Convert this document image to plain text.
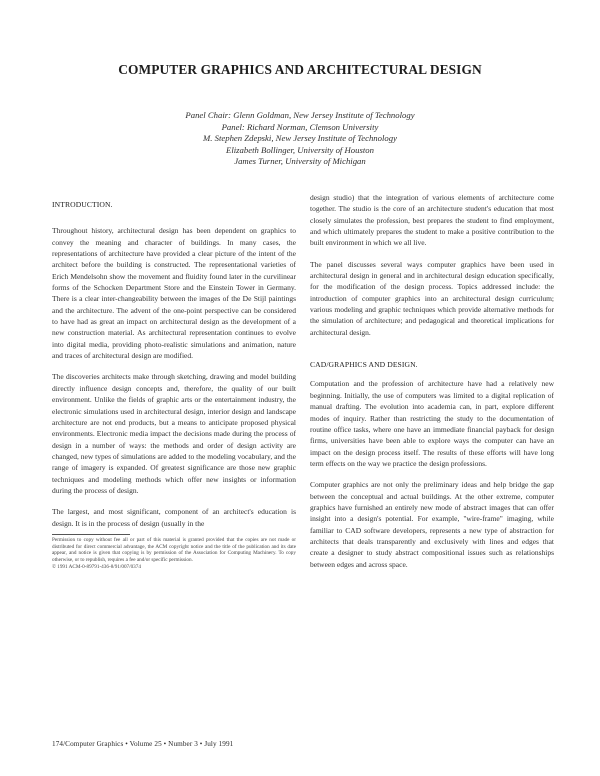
COMPUTER GRAPHICS AND ARCHITECTURAL DESIGN
Panel Chair: Glenn Goldman, New Jersey Institute of Technology
Panel: Richard Norman, Clemson University
M. Stephen Zdepski, New Jersey Institute of Technology
Elizabeth Bollinger, University of Houston
James Turner, University of Michigan
INTRODUCTION.

Throughout history, architectural design has been dependent on graphics to convey the meaning and character of buildings. In many cases, the representations of architecture have provided a clear picture of the intent of the architect before the building is constructed. The representational varieties of Erich Mendelsohn show the movement and fluidity found later in the curvilinear forms of the Schocken Department Store and the Einstein Tower in Germany. There is a clear inter-changeability between the images of the De Stijl paintings and the architecture. The advent of the one-point perspective can be considered to have had as great an impact on architectural design as the development of a new construction material. As architectural representation continues to evolve into digital media, providing photo-realistic simulations and animation, nature and traces of architectural design are modified.

The discoveries architects make through sketching, drawing and model building directly influence design concepts and, therefore, the quality of our built environment. Unlike the fields of graphic arts or the entertainment industry, the electronic simulations used in architectural design, interior design and landscape architecture are not end products, but a means to anticipate proposed physical environments. Electronic media impact the decisions made during the process of design in a number of ways: the methods and order of design activity are changed, new types of simulations are added to the modeling vocabulary, and the range of imagery is expanded. Of greatest significance are those new graphic techniques and modeling methods which offer new insights or information during the process of design.

The largest, and most significant, component of an architect's education is design. It is in the process of design (usually in the

Permission to copy without fee all or part of this material is granted provided that the copies are not made or distributed for direct commercial advantage, the ACM copyright notice and the title of the publication and its date appear, and notice is given that copying is by permission of the Association for Computing Machinery. To copy otherwise, or to republish, requires a fee and/or specific permission.
© 1991 ACM-0-89791-436-8/91/007/0374

design studio) that the integration of various elements of architecture come together. The studio is the core of an architecture student's education that most closely simulates the profession, best prepares the student to find employment, and which ultimately prepares the student to make a positive contribution to the built environment in which we all live.

The panel discusses several ways computer graphics have been used in architectural design in general and in architectural design education specifically, for the modification of the design process. Topics addressed include: the introduction of computer graphics into an architectural design curriculum; various modeling and graphic techniques which provide alternative methods for the simulation of architecture; and pedagogical and theoretical implications for architectural design.

CAD/GRAPHICS AND DESIGN.

Computation and the profession of architecture have had a relatively new beginning. Initially, the use of computers was limited to a digital replication of manual drafting. The evolution into academia can, in part, explore different modes of inquiry. Rather than restricting the study to the documentation of routine office tasks, where one have an immediate financial payback for design firms, universities have been able to explore ways the computer can have an impact on the design process itself. The results of these efforts will have long term effects on the way we practice the design professions.

Computer graphics are not only the preliminary ideas and help bridge the gap between the conceptual and actual buildings. At the other extreme, computer graphics have furnished an entirely new mode of abstract images that can offer insight into a design's potential. For example, "wire-frame" imaging, while familiar to CAD software developers, represents a new type of abstraction for architects that deals transparently and exclusively with lines and edges that create a designer to study abstract compositional issues such as relationships between edges and across space.

174/Computer Graphics • Volume 25 • Number 3 • July 1991
